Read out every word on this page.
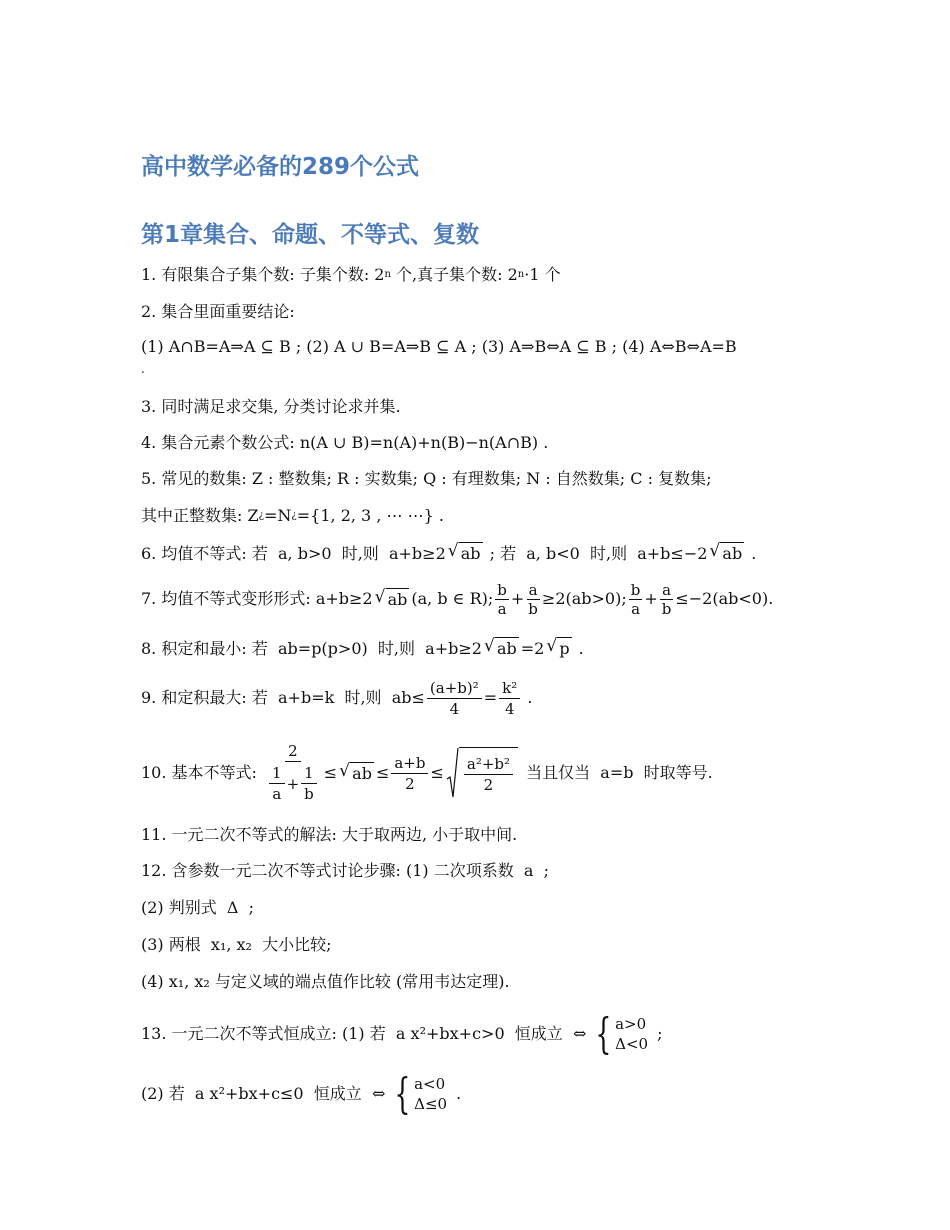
高中数学必备的289个公式
第1章集合、命题、不等式、复数
1. 有限集合子集个数: 子集个数: 2 n 个,真子集个数: 2 n ·1 个
2. 集合里面重要结论:
(1) A∩B=A⇒A ⊆ B ; (2) A ∪ B=A⇒B ⊆ A ; (3) A⇒B⇔A ⊆ B ; (4) A⇔B⇔A=B
.
3. 同时满足求交集, 分类讨论求并集.
4. 集合元素个数公式: n(A ∪ B)=n(A)+n(B)−n(A∩B) .
5. 常见的数集: Z : 整数集; R : 实数集; Q : 有理数集; N : 自然数集; C : 复数集;
其中正整数集: Z ¿ =N ¿ ={1, 2, 3 , ⋯ ⋯} .
6. 均值不等式: 若  a, b>0  时,则  a+b≥2 √ ab ; 若  a, b<0  时,则  a+b≤−2 √ ab .
7. 均值不等式变形形式: a+b≥2 √ ab (a, b ∈ R); $\frac{b}{a} + \frac{a}{b} \ge 2(ab>0)$; $\frac{b}{a} + \frac{a}{b} \le-2(ab<0)$.
8. 积定和最小: 若  ab=p(p>0)  时,则  a+b≥2 √ ab =2 √ p .
9. 和定积最大: 若  a+b=k  时,则  $ab\le \frac{\text{(a+b)²}}{4} = \frac{\text{k²}}{4}$ .
10. 基本不等式: $\frac{2}{\frac{1}{a} + \frac{1}{b}}$ ≤ √ ab ≤ $\frac{a+b}{2} \le \frac{\text{a²+b²}}{2}$ 当且仅当  a=b  时取等号.
11. 一元二次不等式的解法: 大于取两边, 小于取中间.
12. 含参数一元二次不等式讨论步骤: (1) 二次项系数  a  ;
(2) 判别式  Δ  ;
(3) 两根  x₁, x₂  大小比较;
(4) x₁, x₂ 与定义域的端点值作比较 (常用韦达定理).
13. 一元二次不等式恒成立: (1) 若  a x²+bx+c>0  恒成立  ⇔ { a>0
Δ<0
;
(2) 若  a x²+bx+c≤0  恒成立  ⇔ { a<0
Δ≤0
.
